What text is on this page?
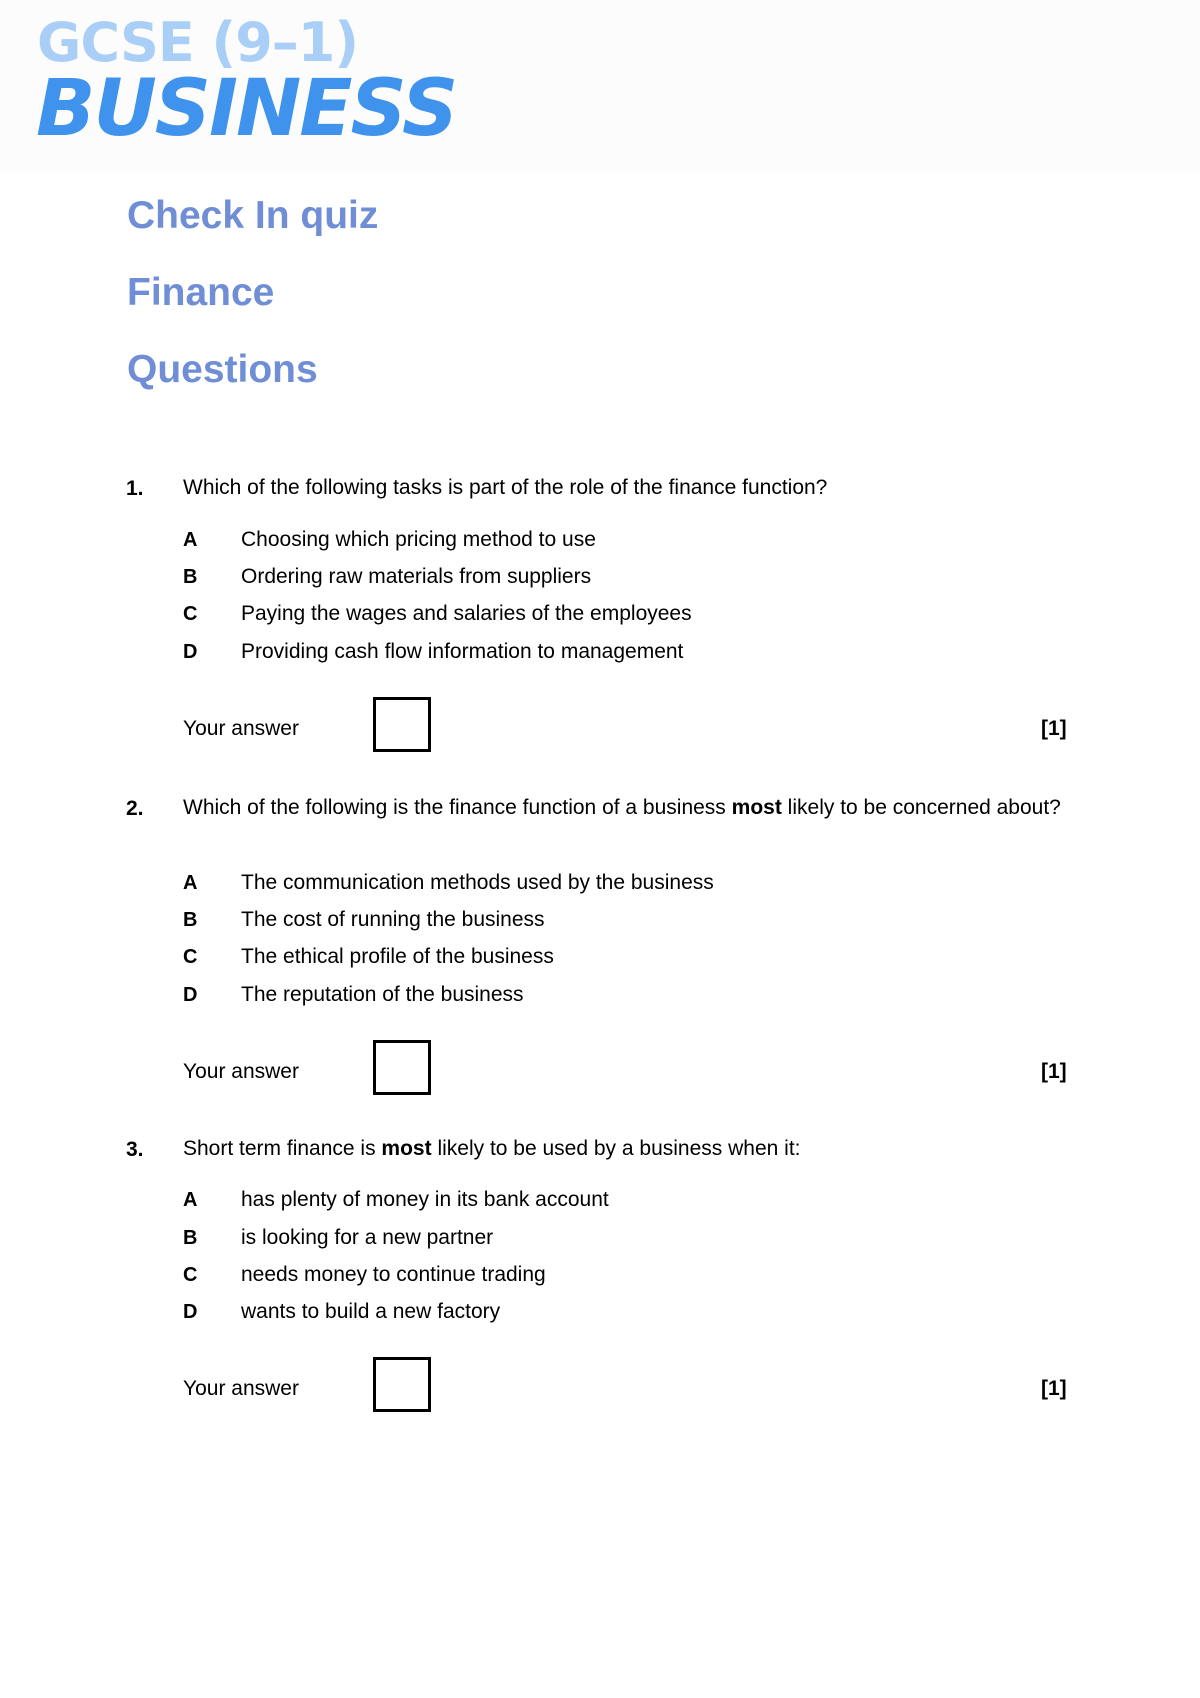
GCSE (9–1)
BUSINESS
Check In quiz
Finance
Questions
1. Which of the following tasks is part of the role of the finance function?
A Choosing which pricing method to use
B Ordering raw materials from suppliers
C Paying the wages and salaries of the employees
D Providing cash flow information to management
Your answer	[1]
2. Which of the following is the finance function of a business most likely to be concerned about?
A The communication methods used by the business
B The cost of running the business
C The ethical profile of the business
D The reputation of the business
Your answer	[1]
3. Short term finance is most likely to be used by a business when it:
A has plenty of money in its bank account
B is looking for a new partner
C needs money to continue trading
D wants to build a new factory
Your answer	[1]
